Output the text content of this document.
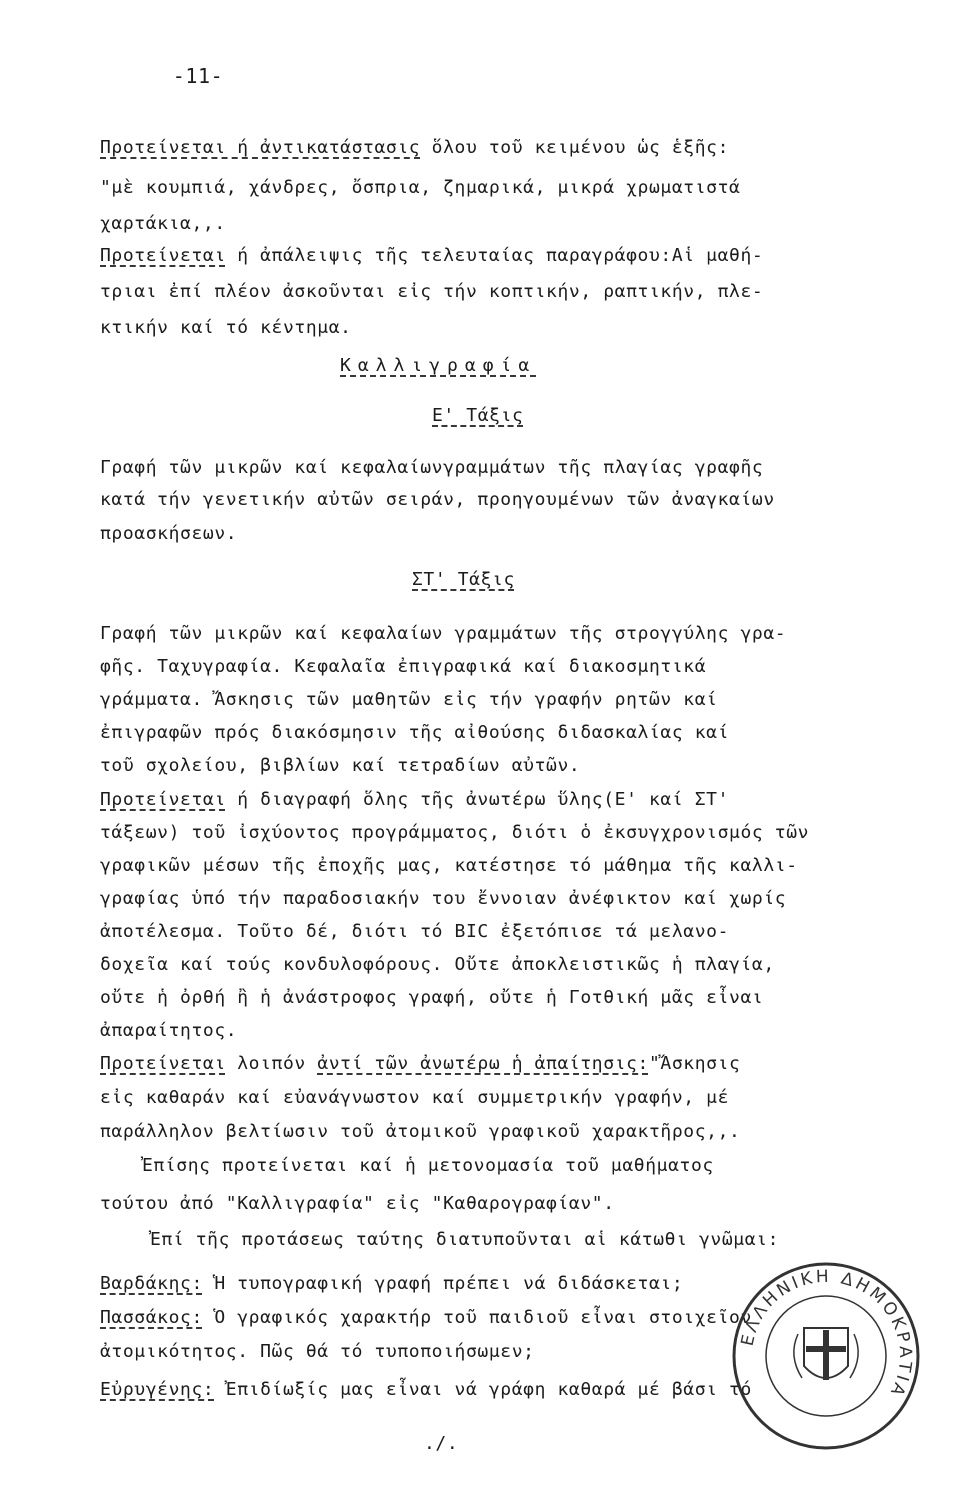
-11-
Προτείνεται ή ἀντικατάστασις ὅλου τοῦ κειμένου ὡς ἑξῆς:
"μὲ κουμπιά, χάνδρες, ὄσπρια, ζημαρικά, μικρά χρωματιστά
χαρτάκια,,.
Προτείνεται ή ἀπάλειψις τῆς τελευταίας παραγράφου:Αἱ μαθή-
τριαι ἐπί πλέον ἀσκοῦνται εἰς τήν κοπτικήν, ραπτικήν, πλε-
κτικήν καί τό κέντημα.
Καλλιγραφία
Ε' Τάξις
Γραφή τῶν μικρῶν καί κεφαλαίωνγραμμάτων τῆς πλαγίας γραφῆς
κατά τήν γενετικήν αὐτῶν σειράν, προηγουμένων τῶν ἀναγκαίων
προασκήσεων.
ΣΤ' Τάξις
Γραφή τῶν μικρῶν καί κεφαλαίων γραμμάτων τῆς στρογγύλης γρα-
φῆς. Ταχυγραφία. Κεφαλαῖα ἐπιγραφικά καί διακοσμητικά
γράμματα. Ἄσκησις τῶν μαθητῶν εἰς τήν γραφήν ρητῶν καί
ἐπιγραφῶν πρός διακόσμησιν τῆς αἰθούσης διδασκαλίας καί
τοῦ σχολείου, βιβλίων καί τετραδίων αὐτῶν.
Προτείνεται ή διαγραφή ὅλης τῆς ἀνωτέρω ὕλης(Ε' καί ΣΤ'
τάξεων) τοῦ ἰσχύοντος προγράμματος, διότι ὁ ἐκσυγχρονισμός τῶν
γραφικῶν μέσων τῆς ἐποχῆς μας, κατέστησε τό μάθημα τῆς καλλι-
γραφίας ὑπό τήν παραδοσιακήν του ἔννοιαν ἀνέφικτον καί χωρίς
ἀποτέλεσμα. Τοῦτο δέ, διότι τό BIC ἐξετόπισε τά μελανο-
δοχεῖα καί τούς κονδυλοφόρους. Οὔτε ἀποκλειστικῶς ἡ πλαγία,
οὔτε ἡ ὀρθή ἢ ἡ ἀνάστροφος γραφή, οὔτε ἡ Γοτθική μᾶς εἶναι
ἀπαραίτητος.
Προτείνεται λοιπόν ἀντί τῶν ἀνωτέρω ἡ ἀπαίτησις:"Ἄσκησις
εἰς καθαράν καί εὐανάγνωστον καί συμμετρικήν γραφήν, μέ
παράλληλον βελτίωσιν τοῦ ἀτομικοῦ γραφικοῦ χαρακτῆρος,,.
Ἐπίσης προτείνεται καί ἡ μετονομασία τοῦ μαθήματος
τούτου ἀπό "Καλλιγραφία" εἰς "Καθαρογραφίαν".
Ἐπί τῆς προτάσεως ταύτης διατυποῦνται αἱ κάτωθι γνῶμαι:
Βαρδάκης: Ἡ τυπογραφική γραφή πρέπει νά διδάσκεται;
Πασσάκος: Ὁ γραφικός χαρακτήρ τοῦ παιδιοῦ εἶναι στοιχεῖον
ἀτομικότητος. Πῶς θά τό τυποποιήσωμεν;
Εὐρυγένης: Ἐπιδίωξίς μας εἶναι νά γράφη καθαρά μέ βάσι τό
./.
ΕΛΛΗΝΙΚΗ ΔΗΜΟΚΡΑΤΙΑ
